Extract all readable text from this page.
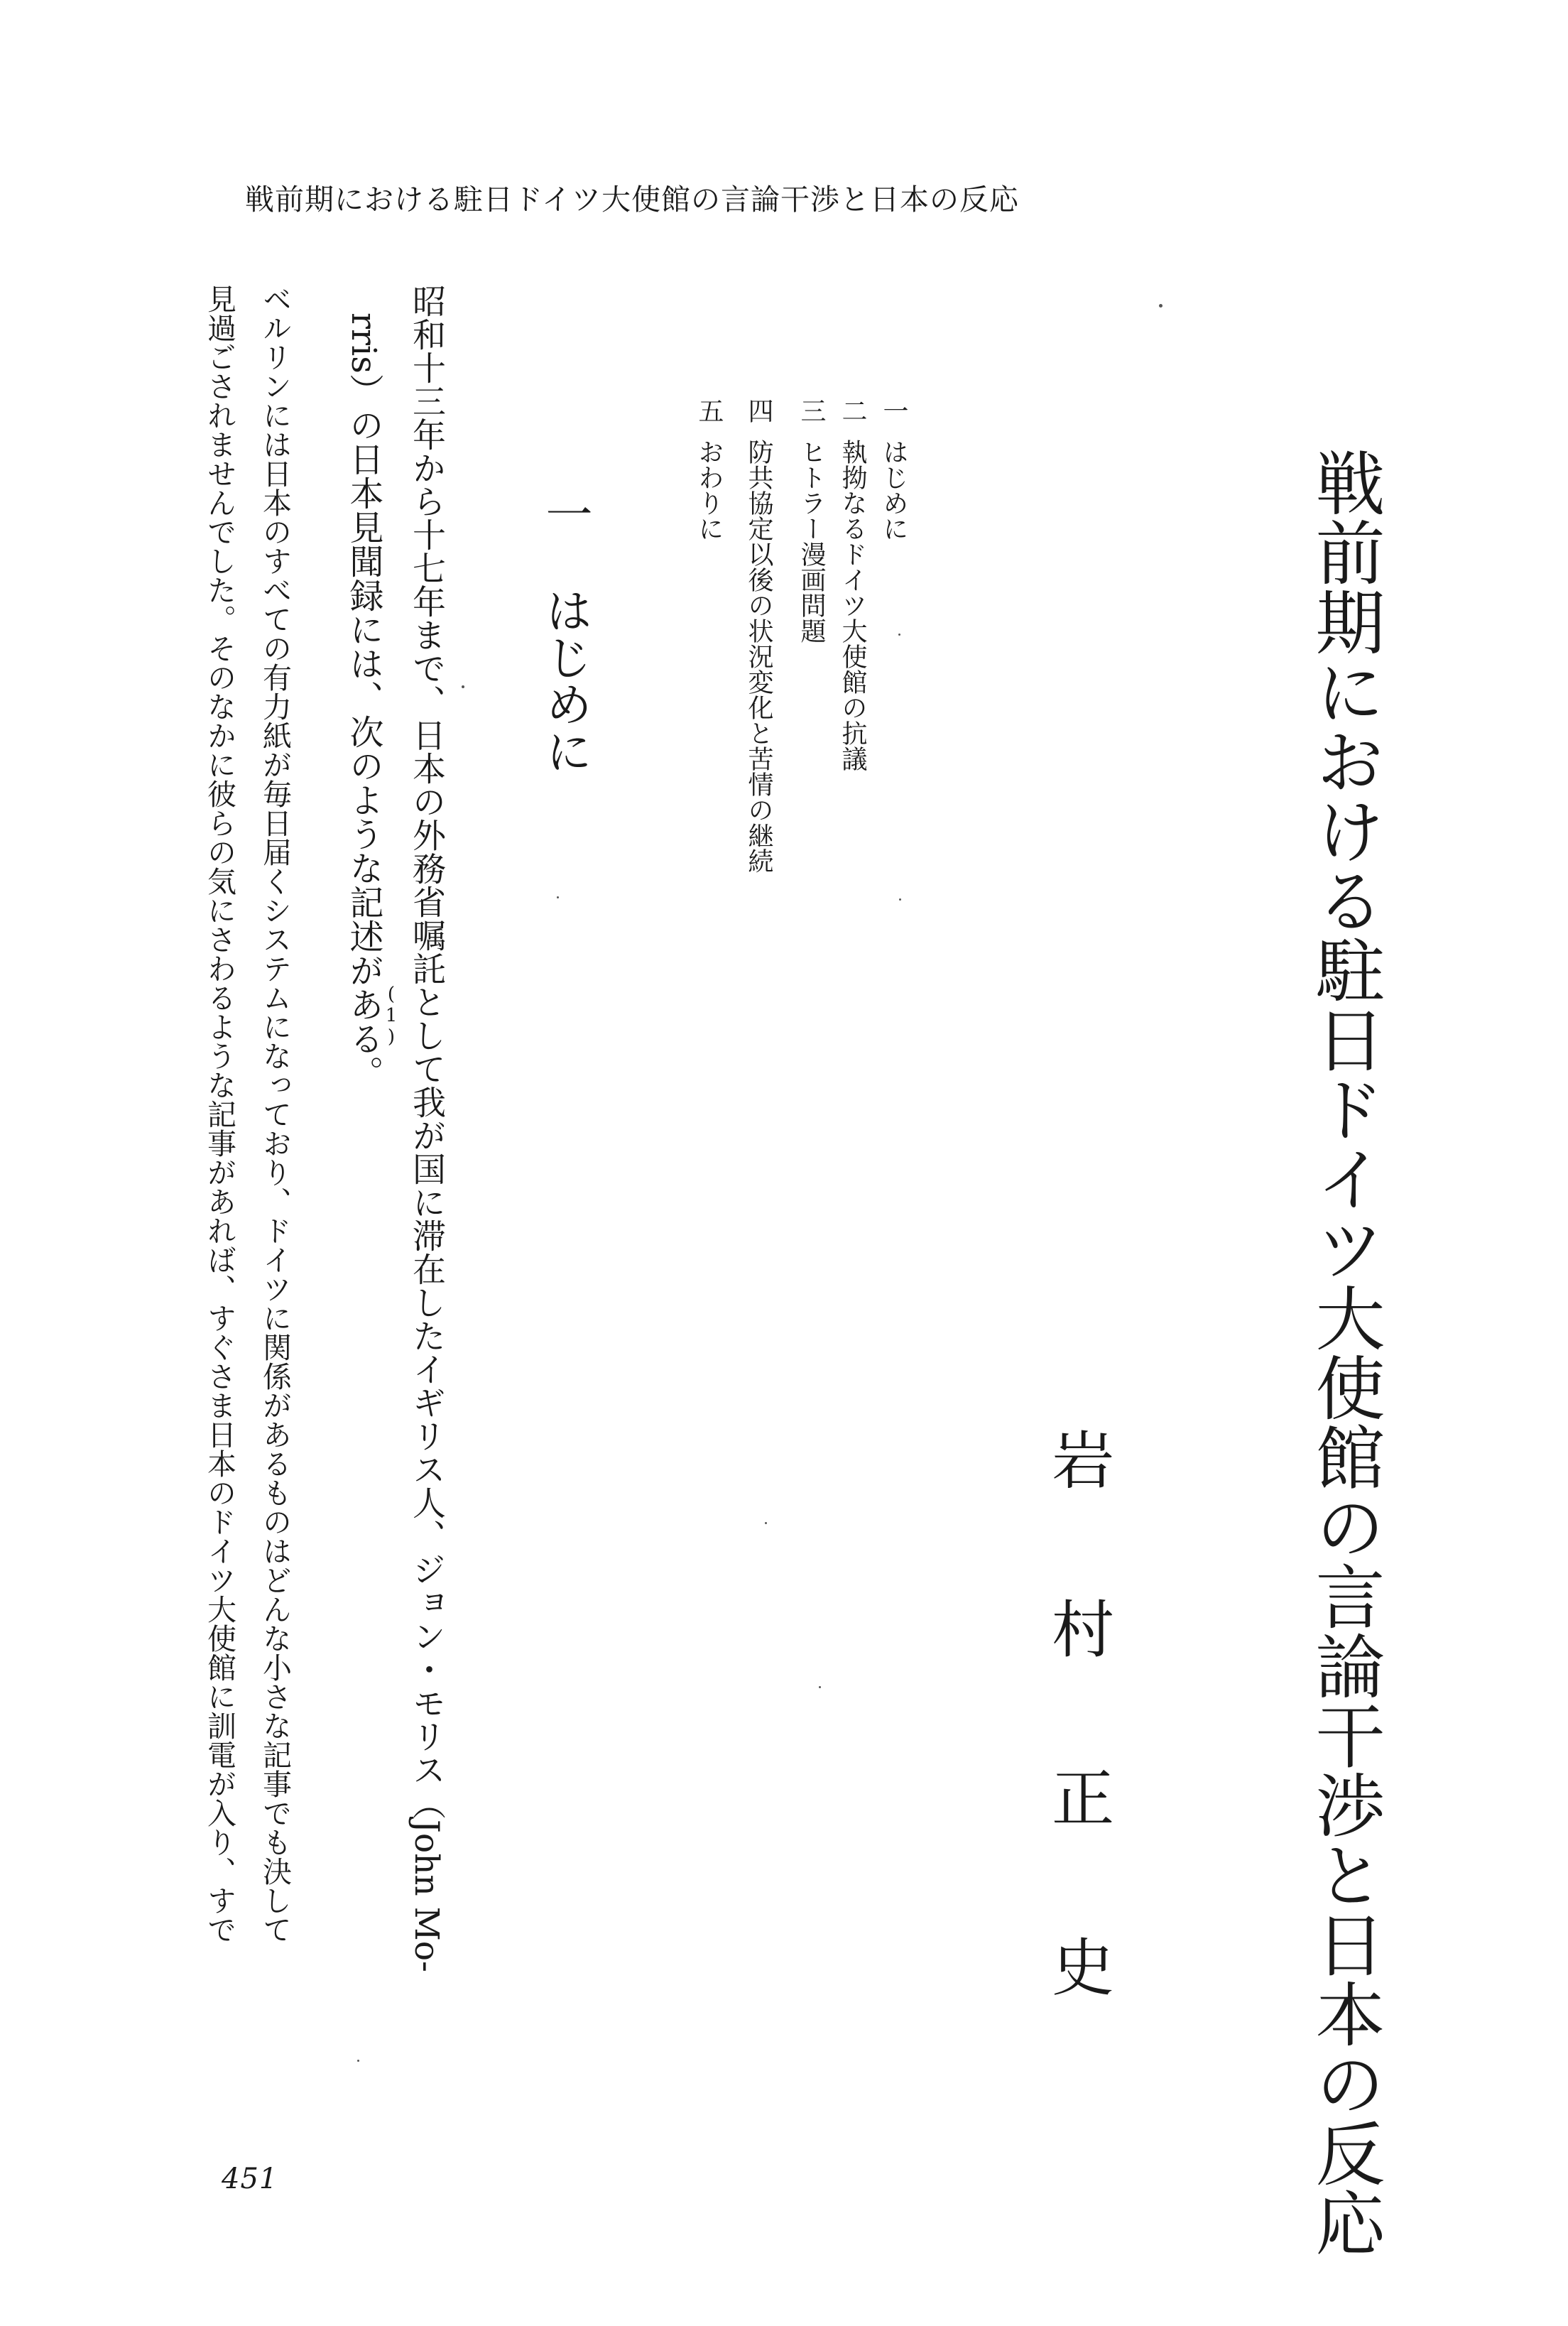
戦前期における駐日ドイツ大使館の言論干渉と日本の反応
戦前期における駐日ドイツ大使館の言論干渉と日本の反応
岩村正史
一はじめに
二執拗なるドイツ大使館の抗議
三ヒトラー漫画問題
四防共協定以後の状況変化と苦情の継続
五おわりに
一はじめに
昭和十三年から十七年まで、日本の外務省嘱託として我が国に滞在したイギリス人、ジョン・モリス（John Mo-
rris）の日本見聞録には、次のような記述がある。
(1)
ベルリンには日本のすべての有力紙が毎日届くシステムになっており、ドイツに関係があるものはどんな小さな記事でも決して
見過ごされませんでした。そのなかに彼らの気にさわるような記事があれば、すぐさま日本のドイツ大使館に訓電が入り、すで
451
